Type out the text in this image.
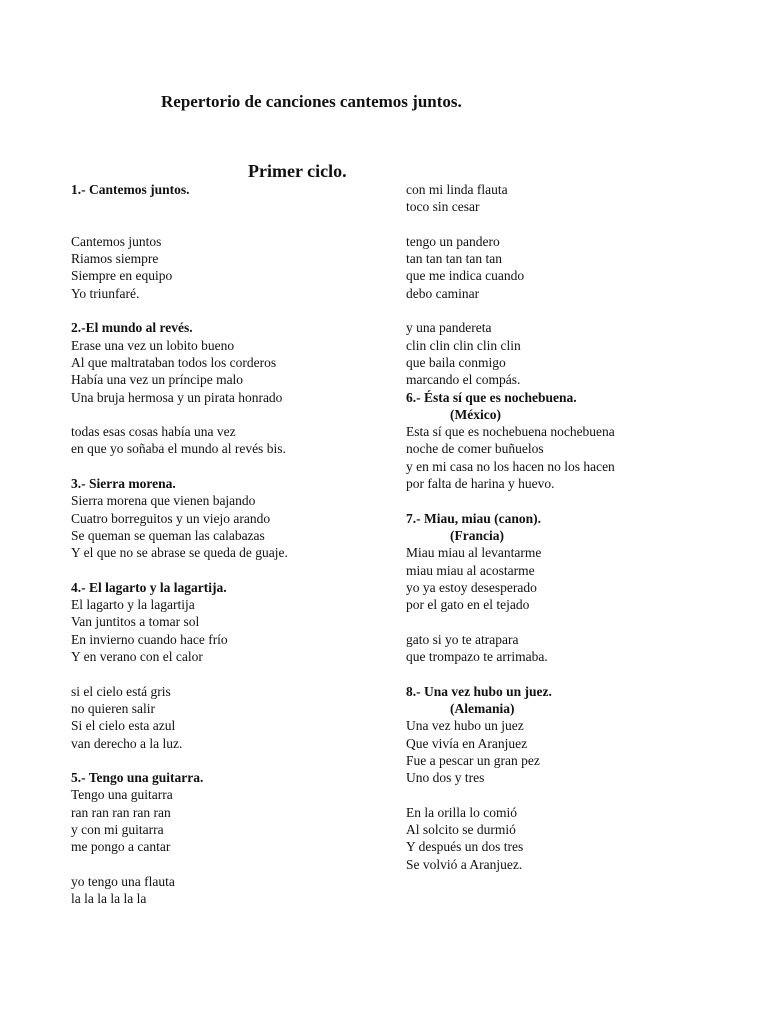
Repertorio de canciones cantemos juntos.
Primer ciclo.
1.- Cantemos juntos.
Cantemos juntos
Riamos siempre
Siempre en equipo
Yo triunfaré.
2.-El mundo al revés.
Erase una vez un lobito bueno
Al que maltrataban todos los corderos
Había una vez un príncipe malo
Una bruja hermosa y un pirata honrado
todas esas cosas había una vez
en que yo soñaba el mundo al revés bis.
3.- Sierra morena.
Sierra morena que vienen bajando
Cuatro borreguitos y un viejo arando
Se queman se queman las calabazas
Y el que no se abrase se queda de guaje.
4.- El lagarto y la lagartija.
El lagarto y la lagartija
Van juntitos a tomar sol
En invierno cuando hace frío
Y en verano con el calor
si el cielo está gris
no quieren salir
Si el cielo esta azul
van derecho a la luz.
5.- Tengo una guitarra.
Tengo una guitarra
ran ran ran ran ran
y con mi guitarra
me pongo a cantar
yo tengo una flauta
la la la la la la
con mi linda flauta
toco sin cesar
tengo un pandero
tan tan tan tan tan
que me indica cuando
debo caminar
y una pandereta
clin clin clin clin clin
que baila conmigo
marcando el compás.
6.- Ésta sí que es nochebuena.
(México)
Esta sí que es nochebuena nochebuena
noche de comer buñuelos
y en mi casa no los hacen no los hacen
por falta de harina y huevo.
7.- Miau, miau (canon).
(Francia)
Miau miau al levantarme
miau miau al acostarme
yo ya estoy desesperado
por el gato en el tejado
gato si yo te atrapara
que trompazo te arrimaba.
8.- Una vez hubo un juez.
(Alemania)
Una vez hubo un juez
Que vivía en Aranjuez
Fue a pescar un gran pez
Uno dos y tres
En la orilla lo comió
Al solcito se durmió
Y después un dos tres
Se volvió a Aranjuez.
